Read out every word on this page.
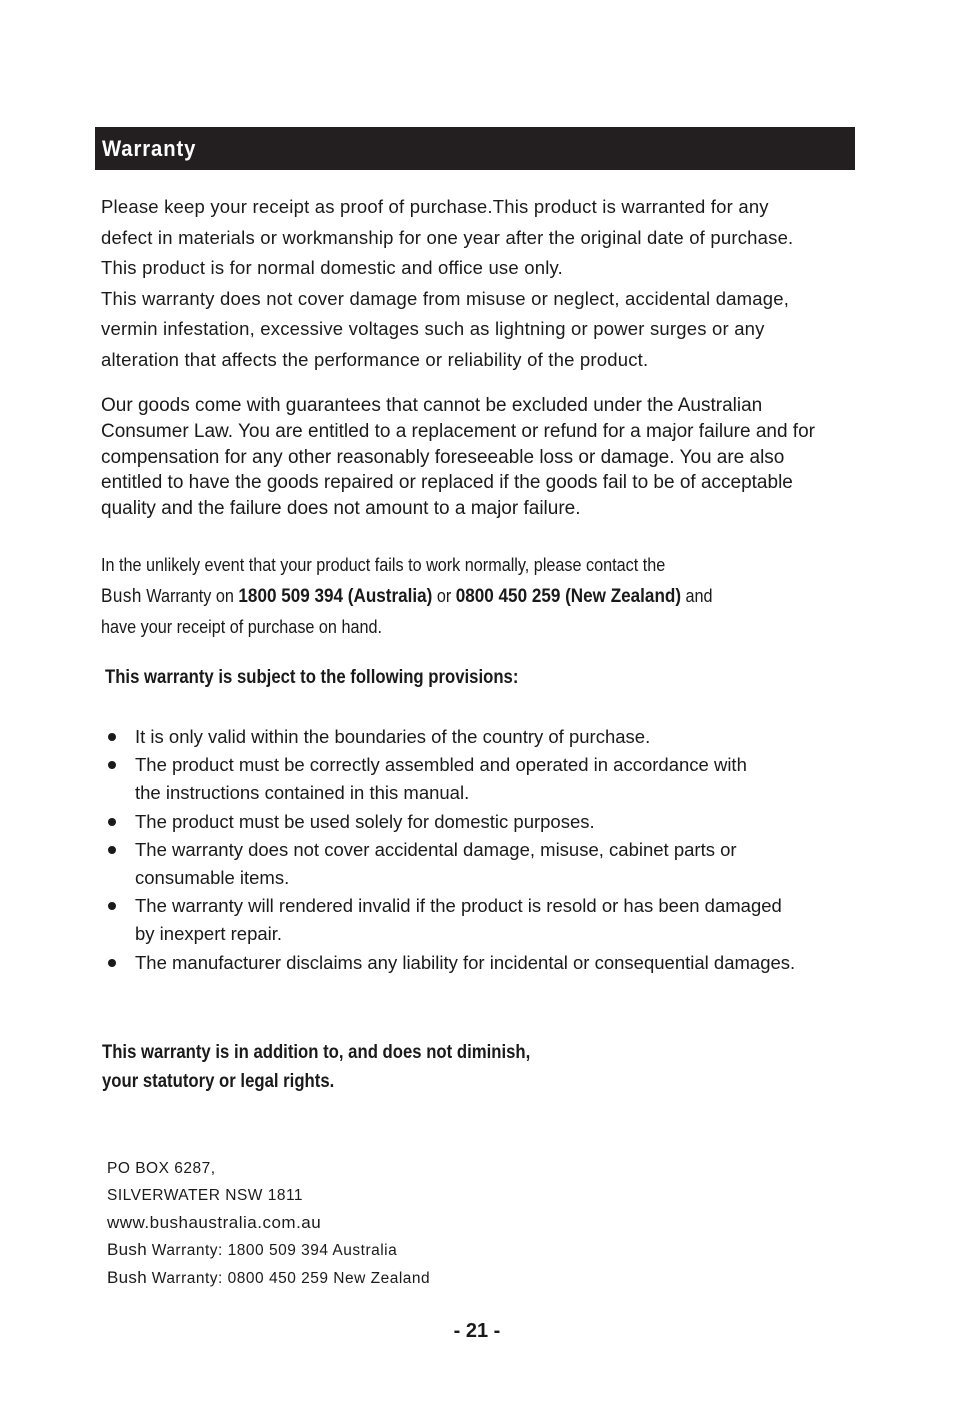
Warranty

Please keep your receipt as proof of purchase.This product is warranted for any

defect in materials or workmanship for one year after the original date of purchase.

This product is for normal domestic and office use only.

This warranty does not cover damage from misuse or neglect, accidental damage,

vermin infestation, excessive voltages such as lightning or power surges or any

alteration that affects the performance or reliability of the product.

Our goods come with guarantees that cannot be excluded under the Australian

Consumer Law. You are entitled to a replacement or refund for a major failure and for

compensation for any other reasonably foreseeable loss or damage. You are also

entitled to have the goods repaired or replaced if the goods fail to be of acceptable

quality and the failure does not amount to a major failure.

In the unlikely event that your product fails to work normally, please contact the
Bush Warranty on 1800 509 394 (Australia) or 0800 450 259 (New Zealand) and
have your receipt of purchase on hand.
This warranty is subject to the following provisions:
It is only valid within the boundaries of the country of purchase.
The product must be correctly assembled and operated in accordance with
the instructions contained in this manual.
The product must be used solely for domestic purposes.
The warranty does not cover accidental damage, misuse, cabinet parts or
consumable items.
The warranty will rendered invalid if the product is resold or has been damaged
by inexpert repair.
The manufacturer disclaims any liability for incidental or consequential damages.

This warranty is in addition to, and does not diminish,

your statutory or legal rights.

PO BOX 6287,

SILVERWATER NSW 1811

www.bushaustralia.com.au

Bush Warranty: 1800 509 394 Australia

Bush Warranty: 0800 450 259 New Zealand

- 21 -
